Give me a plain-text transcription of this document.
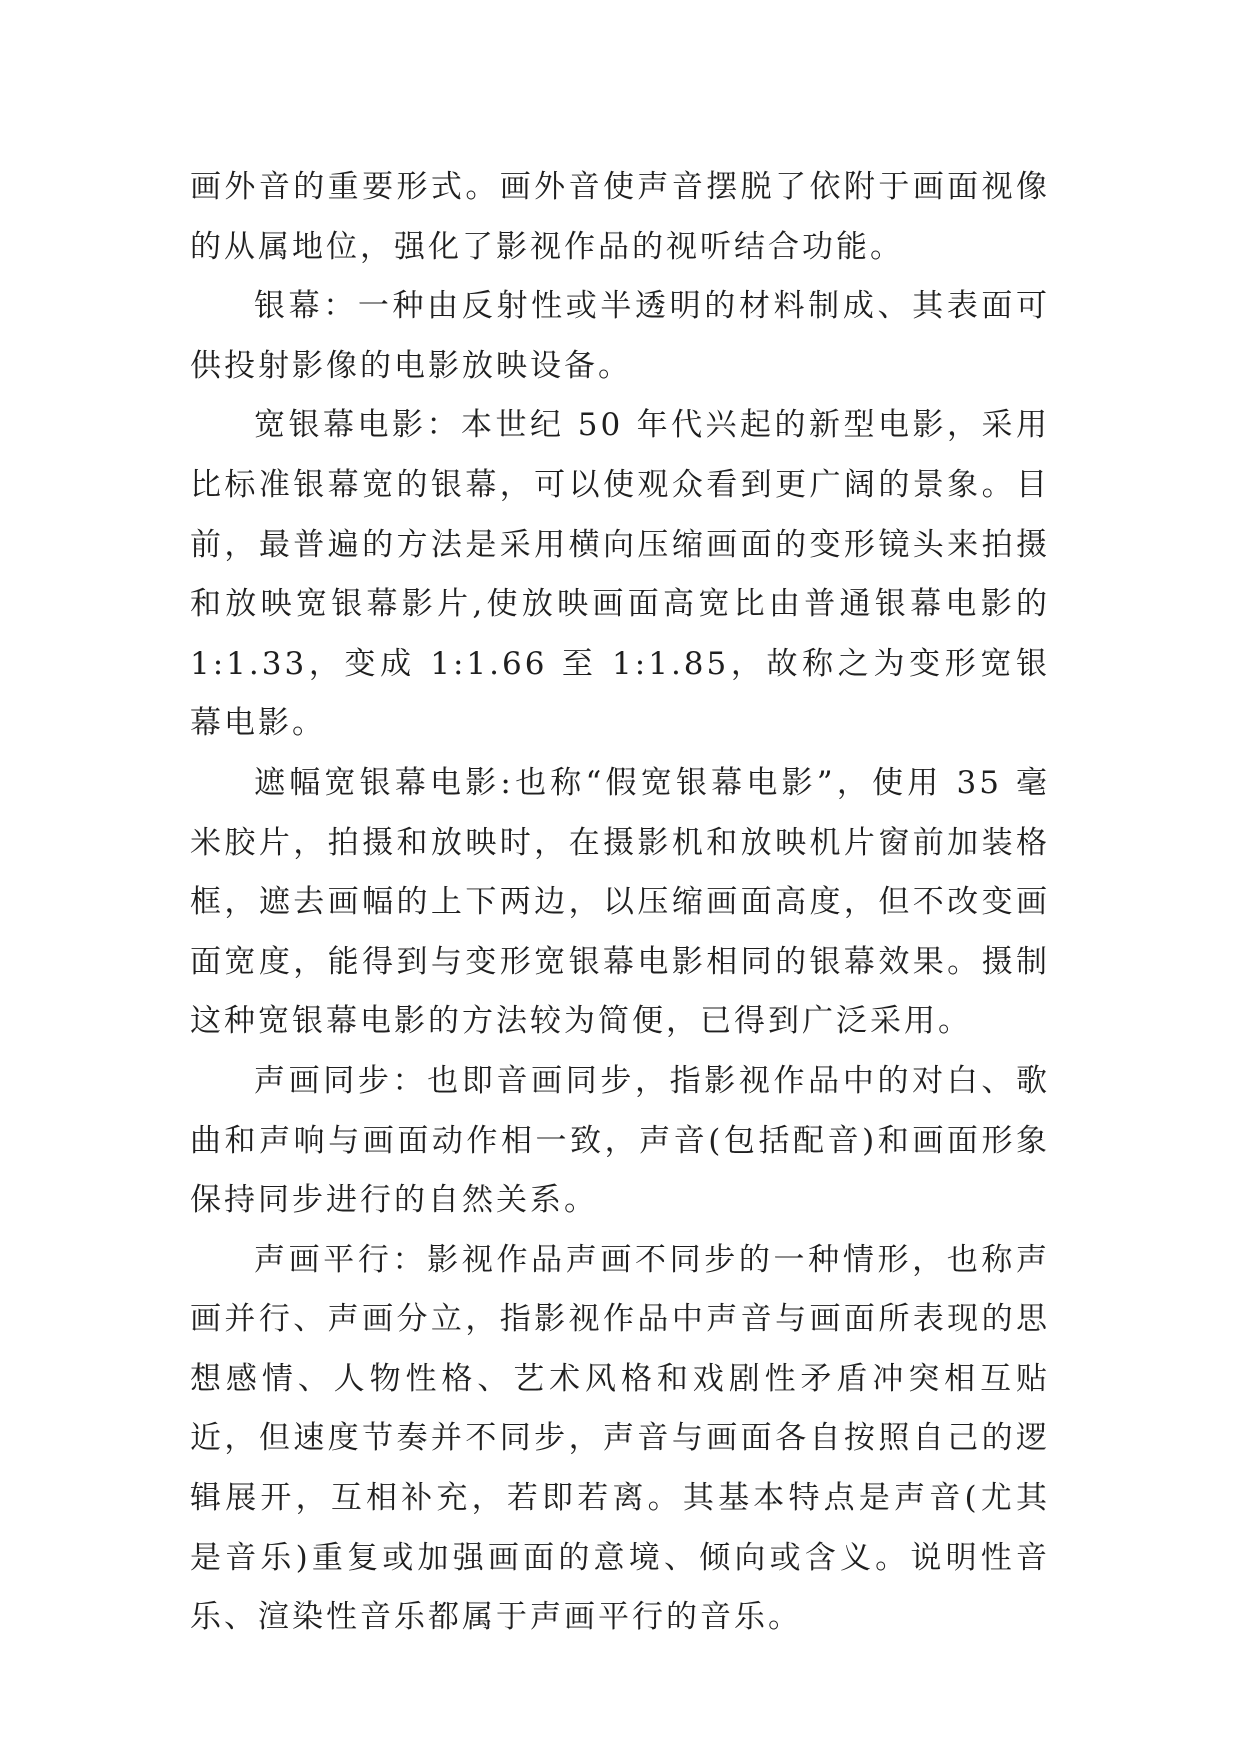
画外音的重要形式。画外音使声音摆脱了依附于画面视像的从属地位，强化了影视作品的视听结合功能。

银幕：一种由反射性或半透明的材料制成、其表面可供投射影像的电影放映设备。

宽银幕电影：本世纪 50 年代兴起的新型电影，采用比标准银幕宽的银幕，可以使观众看到更广阔的景象。目前，最普遍的方法是采用横向压缩画面的变形镜头来拍摄和放映宽银幕影片,使放映画面高宽比由普通银幕电影的 1:1.33，变成 1:1.66 至 1:1.85，故称之为变形宽银幕电影。

遮幅宽银幕电影:也称“假宽银幕电影”，使用 35 毫米胶片，拍摄和放映时，在摄影机和放映机片窗前加装格框，遮去画幅的上下两边，以压缩画面高度，但不改变画面宽度，能得到与变形宽银幕电影相同的银幕效果。摄制这种宽银幕电影的方法较为简便，已得到广泛采用。

声画同步：也即音画同步，指影视作品中的对白、歌曲和声响与画面动作相一致，声音(包括配音)和画面形象保持同步进行的自然关系。

声画平行：影视作品声画不同步的一种情形，也称声画并行、声画分立，指影视作品中声音与画面所表现的思想感情、人物性格、艺术风格和戏剧性矛盾冲突相互贴近，但速度节奏并不同步，声音与画面各自按照自己的逻辑展开，互相补充，若即若离。其基本特点是声音(尤其是音乐)重复或加强画面的意境、倾向或含义。说明性音乐、渲染性音乐都属于声画平行的音乐。
